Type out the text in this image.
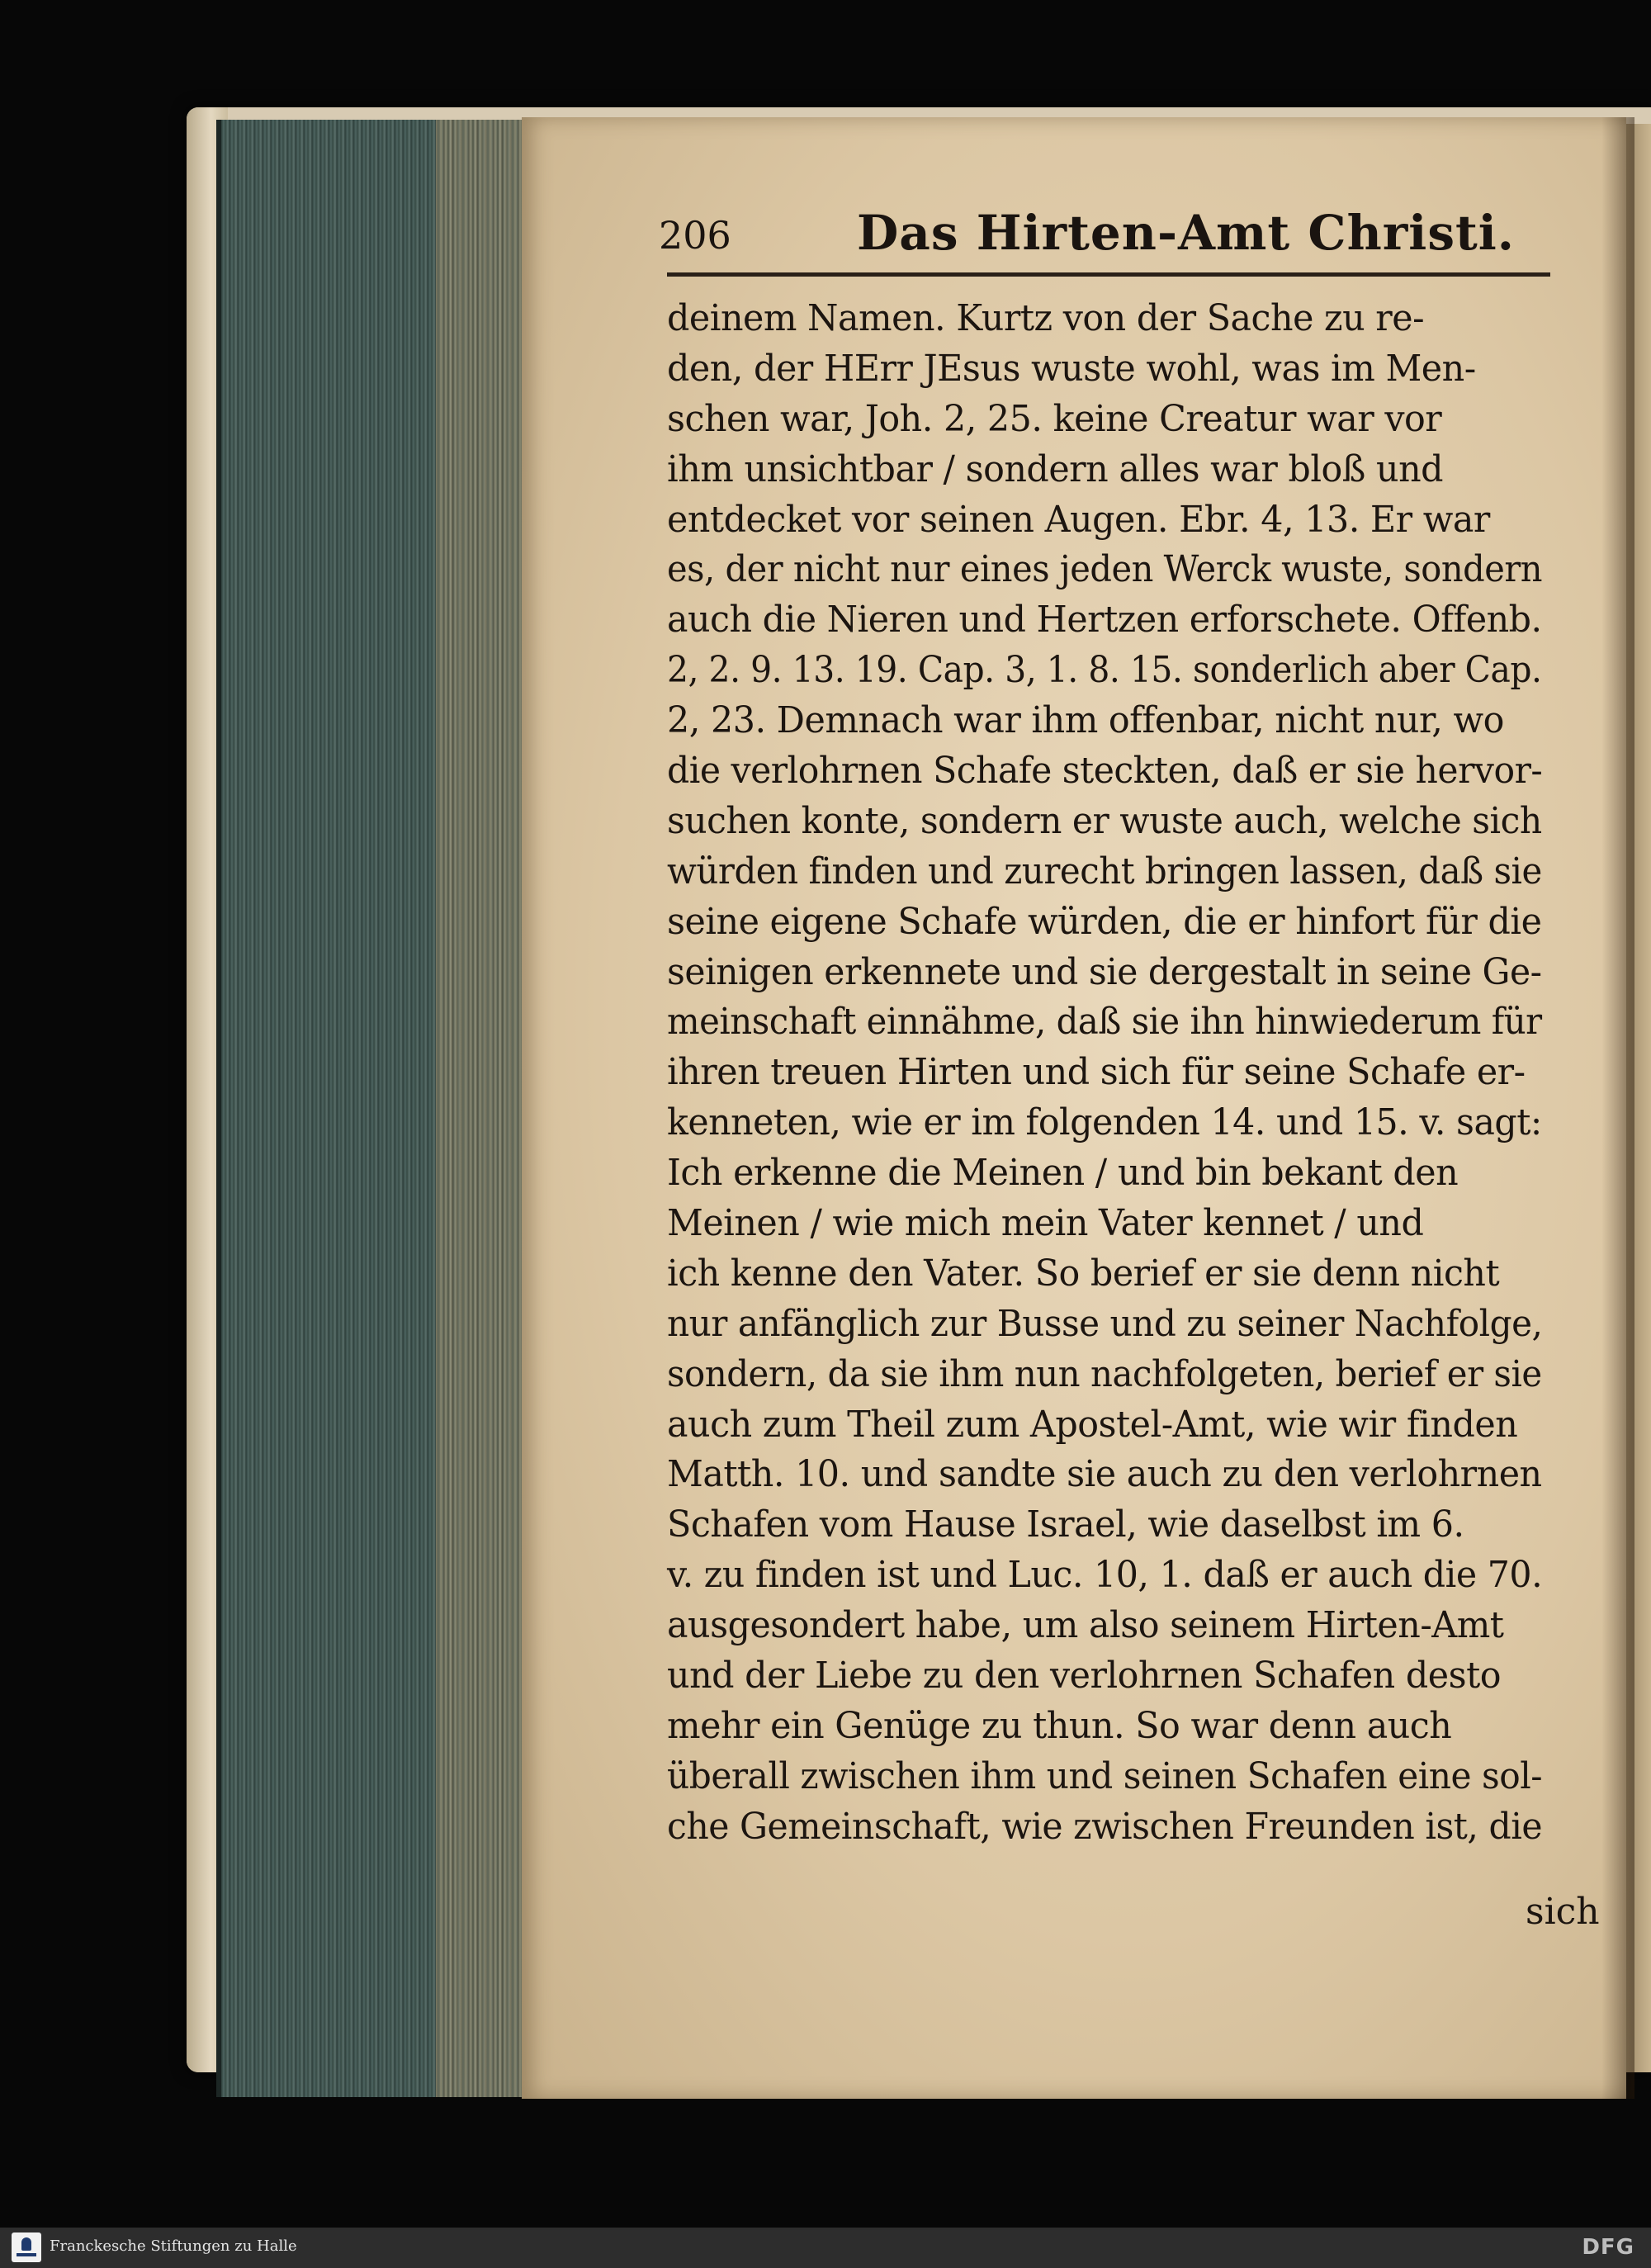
206	Das Hirten-Amt Christi.
deinem Namen. Kurtz von der Sache zu re-
den, der HErr JEsus wuste wohl, was im Men-
schen war, Joh. 2, 25. keine Creatur war vor
ihm unsichtbar / sondern alles war bloß und
entdecket vor seinen Augen. Ebr. 4, 13. Er war
es, der nicht nur eines jeden Werck wuste, sondern
auch die Nieren und Hertzen erforschete. Offenb.
2, 2. 9. 13. 19. Cap. 3, 1. 8. 15. sonderlich aber Cap.
2, 23. Demnach war ihm offenbar, nicht nur, wo
die verlohrnen Schafe steckten, daß er sie hervor-
suchen konte, sondern er wuste auch, welche sich
würden finden und zurecht bringen lassen, daß sie
seine eigene Schafe würden, die er hinfort für die
seinigen erkennete und sie dergestalt in seine Ge-
meinschaft einnähme, daß sie ihn hinwiederum für
ihren treuen Hirten und sich für seine Schafe er-
kenneten, wie er im folgenden 14. und 15. v. sagt:
Ich erkenne die Meinen / und bin bekant den
Meinen / wie mich mein Vater kennet / und
ich kenne den Vater. So berief er sie denn nicht
nur anfänglich zur Busse und zu seiner Nachfolge,
sondern, da sie ihm nun nachfolgeten, berief er sie
auch zum Theil zum Apostel-Amt, wie wir finden
Matth. 10. und sandte sie auch zu den verlohrnen
Schafen vom Hause Israel, wie daselbst im 6.
v. zu finden ist und Luc. 10, 1. daß er auch die 70.
ausgesondert habe, um also seinem Hirten-Amt
und der Liebe zu den verlohrnen Schafen desto
mehr ein Genüge zu thun. So war denn auch
überall zwischen ihm und seinen Schafen eine sol-
che Gemeinschaft, wie zwischen Freunden ist, die
sich
Franckesche Stiftungen zu Halle	DFG
